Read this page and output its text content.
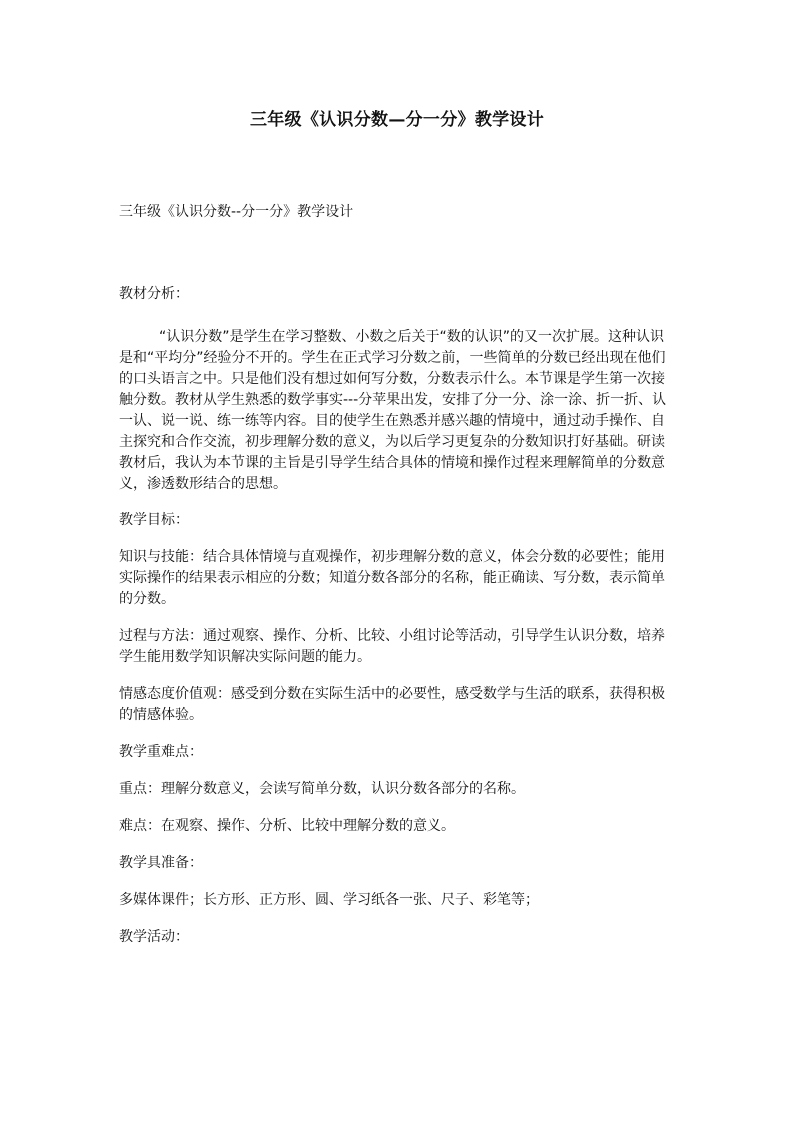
三年级《认识分数—分一分》教学设计

三年级《认识分数--分一分》教学设计

教材分析：

“认识分数”是学生在学习整数、小数之后关于“数的认识”的又一次扩展。这种认识是和“平均分”经验分不开的。学生在正式学习分数之前，一些简单的分数已经出现在他们的口头语言之中。只是他们没有想过如何写分数，分数表示什么。本节课是学生第一次接触分数。教材从学生熟悉的数学事实---分苹果出发，安排了分一分、涂一涂、折一折、认一认、说一说、练一练等内容。目的使学生在熟悉并感兴趣的情境中，通过动手操作、自主探究和合作交流，初步理解分数的意义，为以后学习更复杂的分数知识打好基础。研读教材后，我认为本节课的主旨是引导学生结合具体的情境和操作过程来理解简单的分数意义，渗透数形结合的思想。

教学目标：

知识与技能：结合具体情境与直观操作，初步理解分数的意义，体会分数的必要性；能用实际操作的结果表示相应的分数；知道分数各部分的名称，能正确读、写分数，表示简单的分数。

过程与方法：通过观察、操作、分析、比较、小组讨论等活动，引导学生认识分数，培养学生能用数学知识解决实际问题的能力。

情感态度价值观：感受到分数在实际生活中的必要性，感受数学与生活的联系，获得积极的情感体验。

教学重难点：

重点：理解分数意义，会读写简单分数，认识分数各部分的名称。

难点：在观察、操作、分析、比较中理解分数的意义。

教学具准备：

多媒体课件；长方形、正方形、圆、学习纸各一张、尺子、彩笔等；

教学活动：
